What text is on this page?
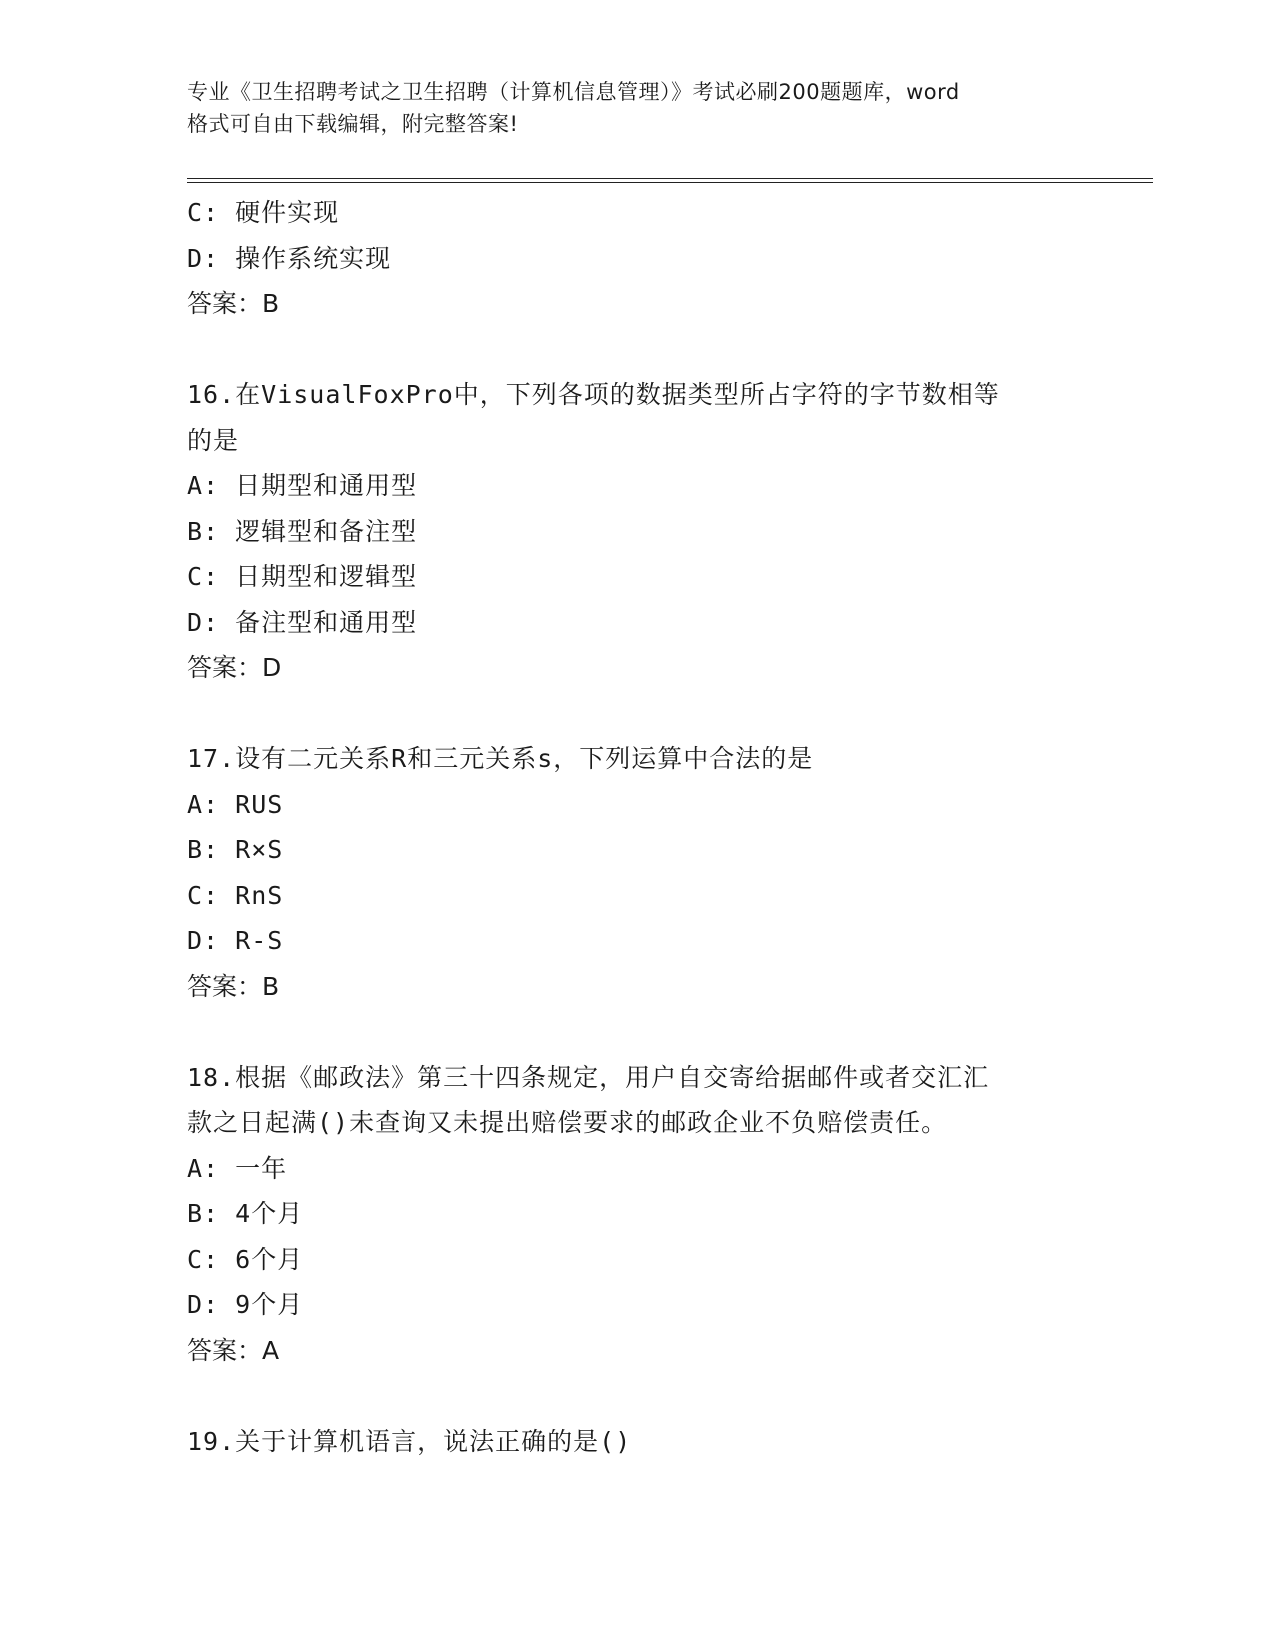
专业《卫生招聘考试之卫生招聘（计算机信息管理）》考试必刷200题题库，word
格式可自由下载编辑，附完整答案!
C: 硬件实现
D: 操作系统实现
答案：B
16.在VisualFoxPro中，下列各项的数据类型所占字符的字节数相等
的是
A: 日期型和通用型
B: 逻辑型和备注型
C: 日期型和逻辑型
D: 备注型和通用型
答案：D
17.设有二元关系R和三元关系s，下列运算中合法的是
A: RUS
B: R×S
C: RnS
D: R-S
答案：B
18.根据《邮政法》第三十四条规定，用户自交寄给据邮件或者交汇汇
款之日起满()未查询又未提出赔偿要求的邮政企业不负赔偿责任。
A: 一年
B: 4个月
C: 6个月
D: 9个月
答案：A
19.关于计算机语言，说法正确的是()
